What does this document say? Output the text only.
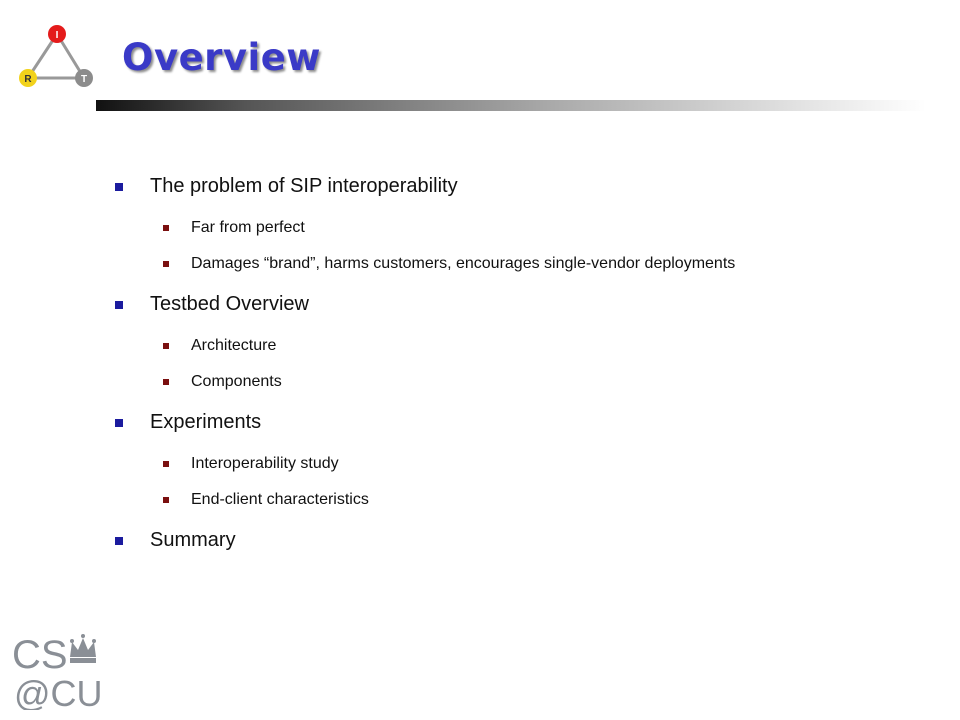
I
R	T
Overview
The problem of SIP interoperability
Far from perfect
Damages “brand”, harms customers, encourages single-vendor deployments
Testbed Overview
Architecture
Components
Experiments
Interoperability study
End-client characteristics
Summary
CS
@CU
